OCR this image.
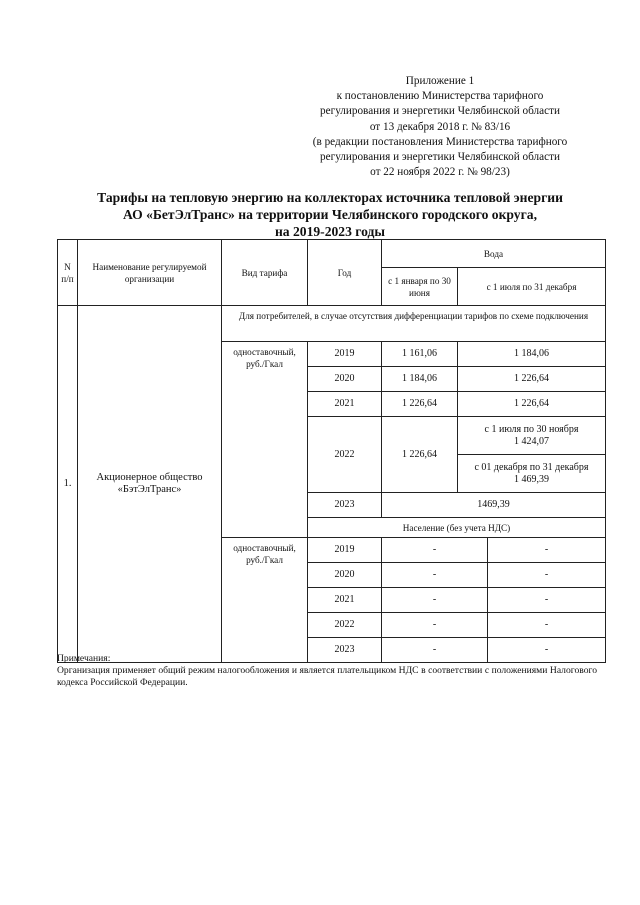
Приложение 1
к постановлению Министерства тарифного
регулирования и энергетики Челябинской области
от 13 декабря 2018 г. № 83/16
(в редакции постановления Министерства тарифного
регулирования и энергетики Челябинской области
от 22 ноября 2022 г. № 98/23)
Тарифы на тепловую энергию на коллекторах источника тепловой энергии
АО «БетЭлТранс» на территории Челябинского городского округа,
на 2019-2023 годы
N п/п	Наименование регулируемой организации	Вид тарифа	Год	Вода		
				с 1 января по 30 июня	с 1 июля по 31 декабря	
1.	Акционерное общество «БэтЭлТранс»	Для потребителей, в случае отсутствия дифференциации тарифов по схеме подключения				
		одноставочный, руб./Гкал	2019	1 161,06	1 184,06	
			2020	1 184,06	1 226,64	
			2021	1 226,64	1 226,64	
			2022	1 226,64	с 1 июля по 30 ноября
1 424,07	

					с 01 декабря по 31 декабря
1 469,39	

			2023	1469,39		
			Население (без учета НДС)			
		одноставочный, руб./Гкал	2019	-		-
			2020	-		-
			2021	-		-
			2022	-		-
			2023	-		-
Примечания:
Организация применяет общий режим налогообложения и является плательщиком НДС в соответствии с положениями Налогового кодекса Российской Федерации.
